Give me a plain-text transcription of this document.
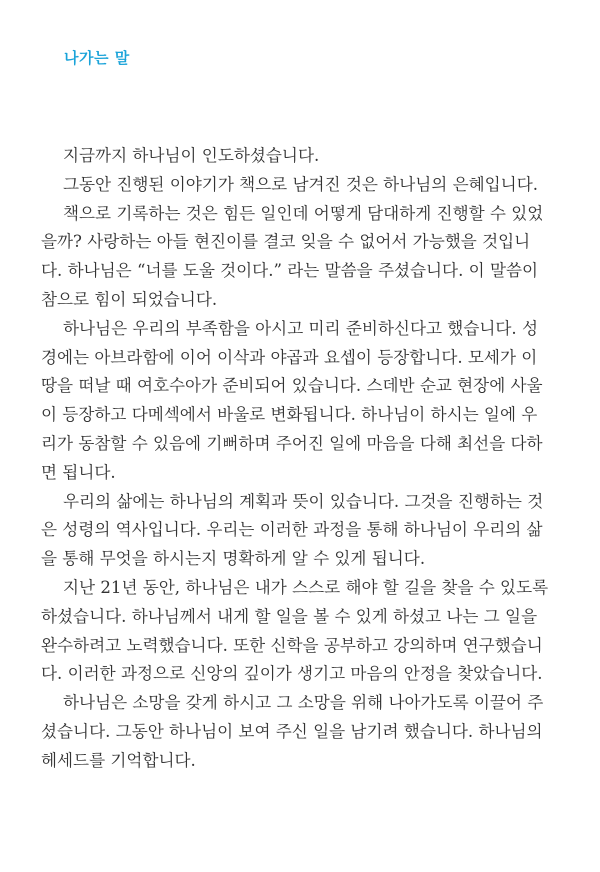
나가는 말
지금까지 하나님이 인도하셨습니다.
그동안 진행된 이야기가 책으로 남겨진 것은 하나님의 은혜입니다.
책으로 기록하는 것은 힘든 일인데 어떻게 담대하게 진행할 수 있었
을까? 사랑하는 아들 현진이를 결코 잊을 수 없어서 가능했을 것입니
다. 하나님은 “너를 도울 것이다.” 라는 말씀을 주셨습니다. 이 말씀이
참으로 힘이 되었습니다.
하나님은 우리의 부족함을 아시고 미리 준비하신다고 했습니다. 성
경에는 아브라함에 이어 이삭과 야곱과 요셉이 등장합니다. 모세가 이
땅을 떠날 때 여호수아가 준비되어 있습니다. 스데반 순교 현장에 사울
이 등장하고 다메섹에서 바울로 변화됩니다. 하나님이 하시는 일에 우
리가 동참할 수 있음에 기뻐하며 주어진 일에 마음을 다해 최선을 다하
면 됩니다.
우리의 삶에는 하나님의 계획과 뜻이 있습니다. 그것을 진행하는 것
은 성령의 역사입니다. 우리는 이러한 과정을 통해 하나님이 우리의 삶
을 통해 무엇을 하시는지 명확하게 알 수 있게 됩니다.
지난 21년 동안, 하나님은 내가 스스로 해야 할 길을 찾을 수 있도록
하셨습니다. 하나님께서 내게 할 일을 볼 수 있게 하셨고 나는 그 일을
완수하려고 노력했습니다. 또한 신학을 공부하고 강의하며 연구했습니
다. 이러한 과정으로 신앙의 깊이가 생기고 마음의 안정을 찾았습니다.
하나님은 소망을 갖게 하시고 그 소망을 위해 나아가도록 이끌어 주
셨습니다. 그동안 하나님이 보여 주신 일을 남기려 했습니다. 하나님의
헤세드를 기억합니다.
